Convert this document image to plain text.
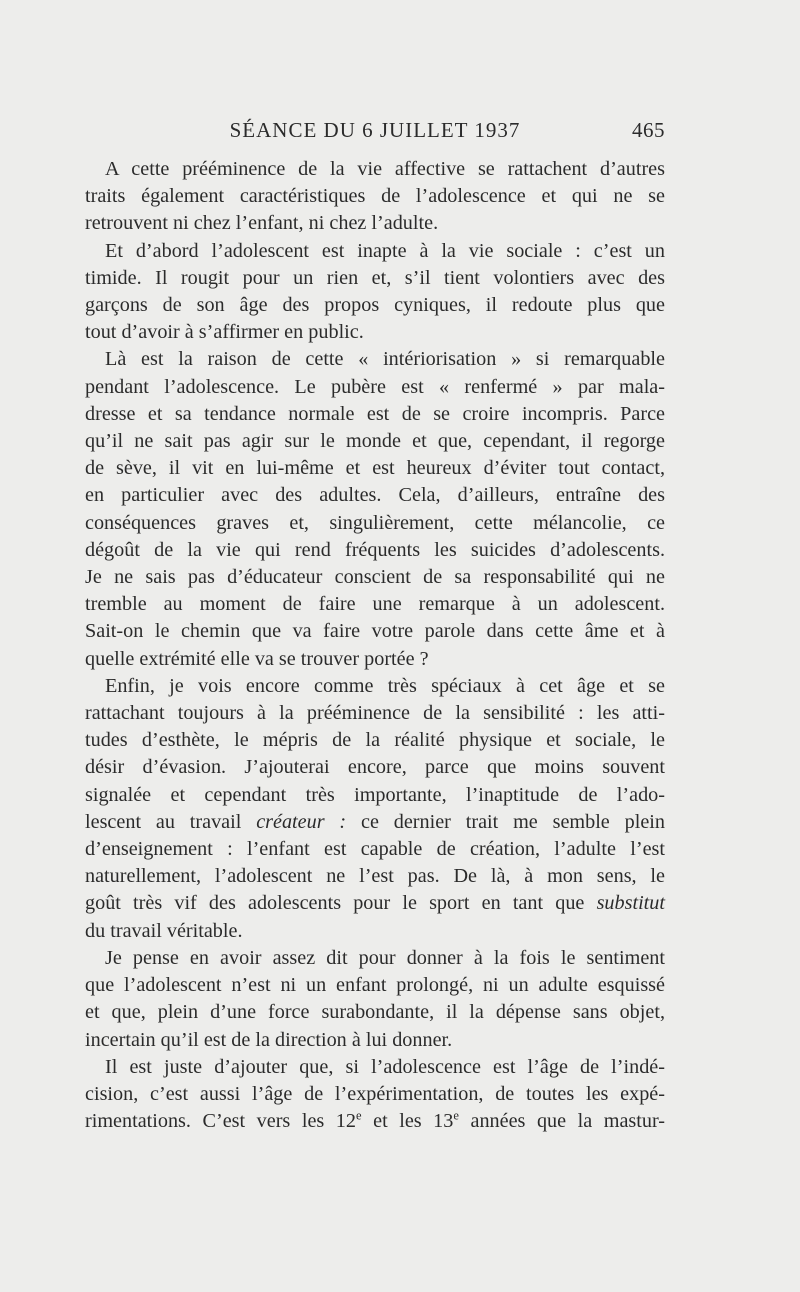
SÉANCE DU 6 JUILLET 1937	465

A cette prééminence de la vie affective se rattachent d’autres
traits également caractéristiques de l’adolescence et qui ne se
retrouvent ni chez l’enfant, ni chez l’adulte.

Et d’abord l’adolescent est inapte à la vie sociale : c’est un
timide. Il rougit pour un rien et, s’il tient volontiers avec des
garçons de son âge des propos cyniques, il redoute plus que
tout d’avoir à s’affirmer en public.

Là est la raison de cette « intériorisation » si remarquable
pendant l’adolescence. Le pubère est « renfermé » par mala-
dresse et sa tendance normale est de se croire incompris. Parce
qu’il ne sait pas agir sur le monde et que, cependant, il regorge
de sève, il vit en lui-même et est heureux d’éviter tout contact,
en particulier avec des adultes. Cela, d’ailleurs, entraîne des
conséquences graves et, singulièrement, cette mélancolie, ce
dégoût de la vie qui rend fréquents les suicides d’adolescents.
Je ne sais pas d’éducateur conscient de sa responsabilité qui ne
tremble au moment de faire une remarque à un adolescent.
Sait-on le chemin que va faire votre parole dans cette âme et à
quelle extrémité elle va se trouver portée ?

Enfin, je vois encore comme très spéciaux à cet âge et se
rattachant toujours à la prééminence de la sensibilité : les atti-
tudes d’esthète, le mépris de la réalité physique et sociale, le
désir d’évasion. J’ajouterai encore, parce que moins souvent
signalée et cependant très importante, l’inaptitude de l’ado-
lescent au travail créateur : ce dernier trait me semble plein
d’enseignement : l’enfant est capable de création, l’adulte l’est
naturellement, l’adolescent ne l’est pas. De là, à mon sens, le
goût très vif des adolescents pour le sport en tant que substitut
du travail véritable.

Je pense en avoir assez dit pour donner à la fois le sentiment
que l’adolescent n’est ni un enfant prolongé, ni un adulte esquissé
et que, plein d’une force surabondante, il la dépense sans objet,
incertain qu’il est de la direction à lui donner.

Il est juste d’ajouter que, si l’adolescence est l’âge de l’indé-
cision, c’est aussi l’âge de l’expérimentation, de toutes les expé-
rimentations. C’est vers les 12e et les 13e années que la mastur-
